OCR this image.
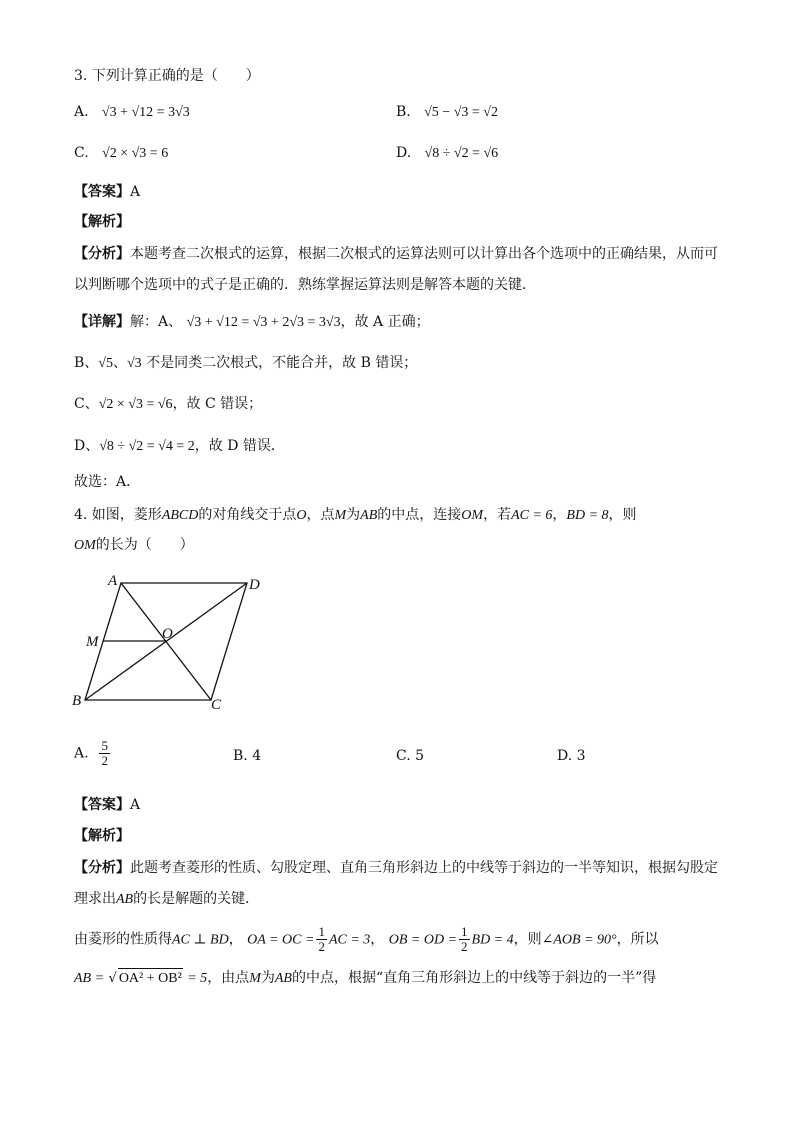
3. 下列计算正确的是（　　）
A. √3 + √12 = 3√3	B. √5 − √3 = √2
C. √2 × √3 = 6	D. √8 ÷ √2 = √6
【答案】A
【解析】
【分析】本题考查二次根式的运算，根据二次根式的运算法则可以计算出各个选项中的正确结果，从而可
以判断哪个选项中的式子是正确的．熟练掌握运算法则是解答本题的关键．
【详解】解：A、 √3 + √12 = √3 + 2√3 = 3√3，故 A 正确；
B、√5、√3 不是同类二次根式，不能合并，故 B 错误；
C、√2 × √3 = √6，故 C 错误；
D、√8 ÷ √2 = √4 = 2，故 D 错误．
故选：A．
4. 如图，菱形ABCD的对角线交于点O，点M为AB的中点，连接OM，若AC = 6，BD = 8，则
OM的长为（　　）
A	D
M	O
B	C
A. $\frac{5}{2}$	B. 4	C. 5	D. 3
【答案】A
【解析】
【分析】此题考查菱形的性质、勾股定理、直角三角形斜边上的中线等于斜边的一半等知识，根据勾股定
理求出AB的长是解题的关键．
由菱形的性质得AC ⊥ BD， OA = OC = $\frac{1}{2}$ AC = 3， OB = OD = $\frac{1}{2}$ BD = 4，则∠AOB = 90°，所以
AB = √ OA² + OB² = 5，由点M为AB的中点，根据“直角三角形斜边上的中线等于斜边的一半”得
